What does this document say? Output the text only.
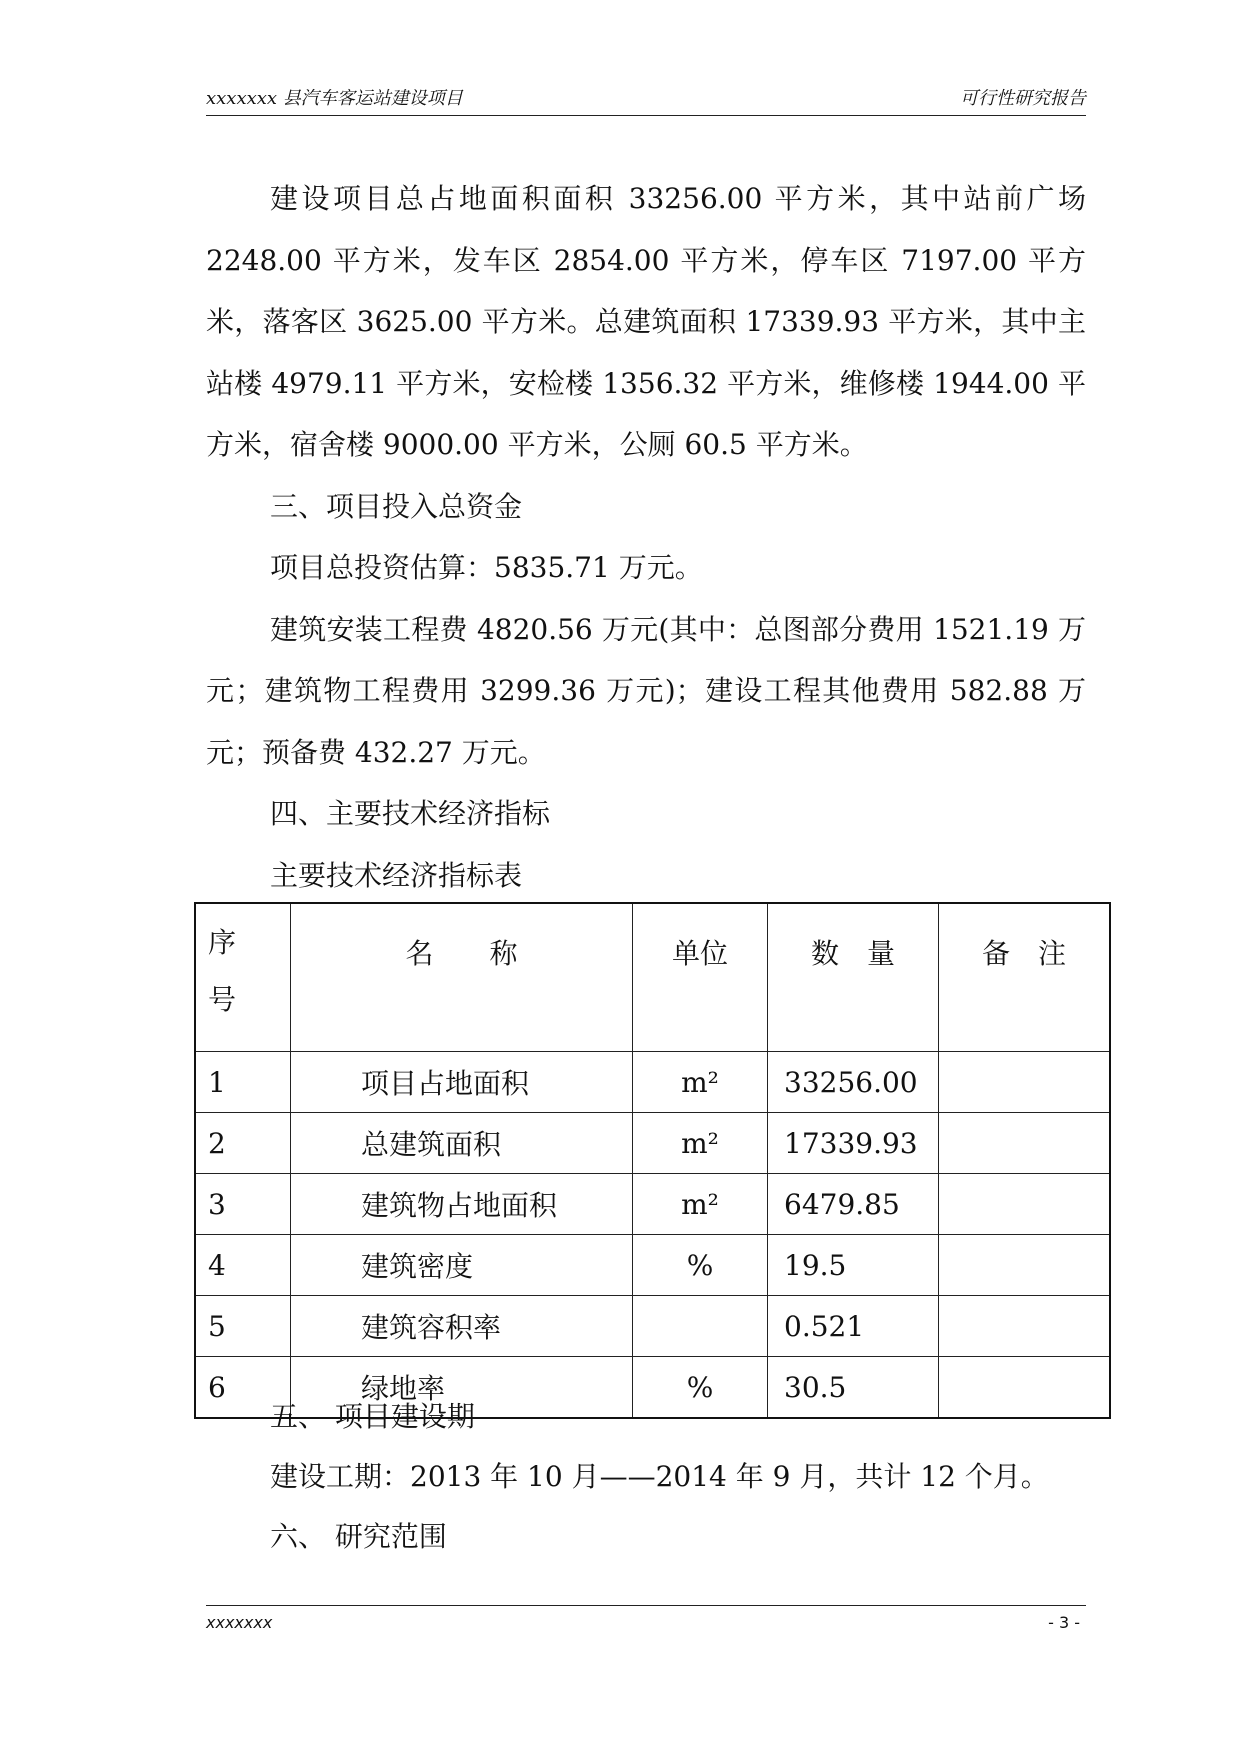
xxxxxxx 县汽车客运站建设项目	可行性研究报告

建设项目总占地面积面积 33256.00 平方米，其中站前广场 2248.00 平方米，发车区 2854.00 平方米，停车区 7197.00 平方米，落客区 3625.00 平方米。总建筑面积 17339.93 平方米，其中主站楼 4979.11 平方米，安检楼 1356.32 平方米，维修楼 1944.00 平方米，宿舍楼 9000.00 平方米，公厕 60.5 平方米。

三、项目投入总资金

项目总投资估算：5835.71 万元。

建筑安装工程费 4820.56 万元(其中：总图部分费用 1521.19 万元；建筑物工程费用 3299.36 万元)；建设工程其他费用 582.88 万元；预备费 432.27 万元。

四、主要技术经济指标

主要技术经济指标表

序
号	名　　称	单位	数　量	备　注
1	项目占地面积	m²	33256.00	
2	总建筑面积	m²	17339.93	
3	建筑物占地面积	m²	6479.85	
4	建筑密度	%	19.5	
5	建筑容积率		0.521	
6	绿地率	%	30.5	

五、 项目建设期

建设工期：2013 年 10 月——2014 年 9 月，共计 12 个月。

六、 研究范围

xxxxxxx	- 3 -
